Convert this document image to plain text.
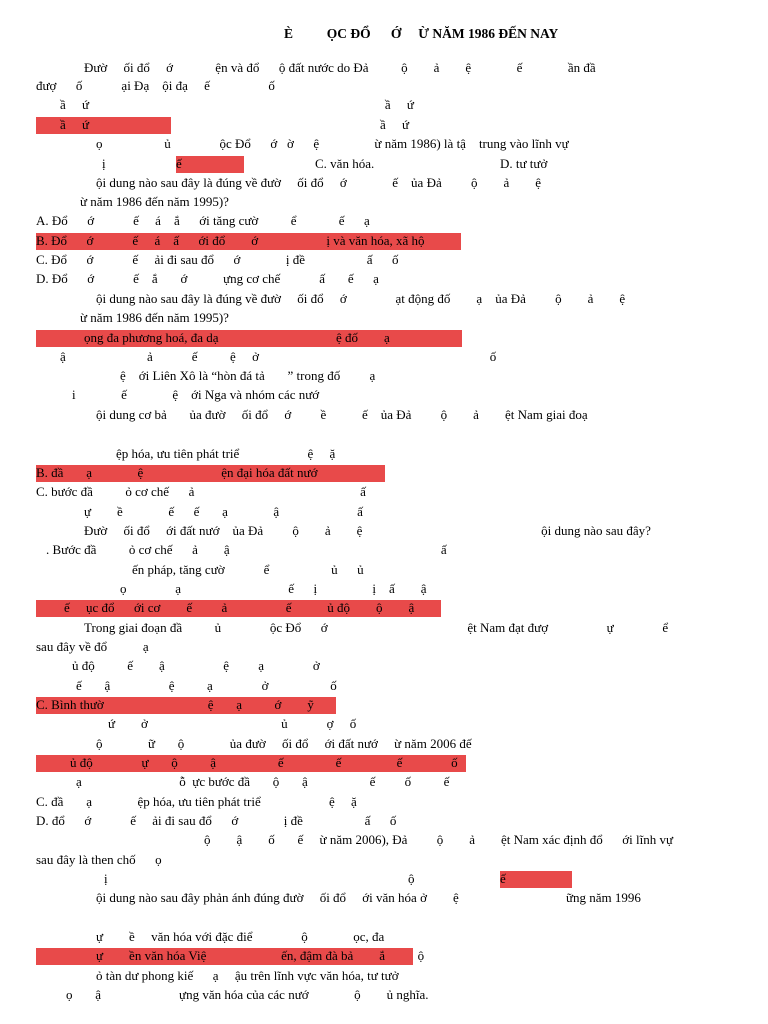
È          ỌC ĐỔ      Ớ     Ừ NĂM 1986 ĐẾN NAY
Đườ     ối đổ     ớ             ện và đổ      ộ đất nước do Đả          ộ        ả        ệ              ế              ần đầ
đượ      ố            ại Đạ    ội đạ     ế                  ố
ầ     ứ                                                                                           ầ     ứ
ầ     ứ	ầ     ứ
ọ                   ủ               ộc Đổ      ớ   ờ      ệ                 ừ năm 1986) là tậ    trung vào lĩnh vự
ị	ế	C. văn hóa.	D. tư tưở
ội dung nào sau đây là đúng về đườ     ối đổ     ớ              ế    ủa Đả         ộ        ả        ệ
ừ năm 1986 đến năm 1995)?
A. Đổ      ớ            ế     á    ắ      ới tăng cườ          ể             ế      ạ
B. Đổ      ớ            ế     á    ấ      ới đổ        ớ                     ị và văn hóa, xã hộ
C. Đổ      ớ            ế     ải đi sau đổ      ớ              ị đề                   ấ      ố
D. Đổ      ớ            ế    ắ       ớ           ựng cơ chế            ấ       ế      ạ
ội dung nào sau đây là đúng về đườ     ối đổ     ớ               ạt động đố        ạ    ủa Đả         ộ        ả        ệ
ừ năm 1986 đến năm 1995)?
ọng đa phương hoá, đa dạ	ệ đố        ạ
ậ                         ả            ế          ệ     ở                                                                       ố
ệ    ới Liên Xô là “hòn đá tả       ” trong đố         ạ
i              ế              ệ    ới Nga và nhóm các nướ
ội dung cơ bả       ủa đườ     ối đổ     ớ         ề           ế    ủa Đả         ộ        ả        ệt Nam giai đoạ
ệp hóa, ưu tiên phát triể                     ệ     ặ
B. đầ       ạ              ệ                        ện đại hóa đất nướ
C. bước đầ          ỏ cơ chế      ả                                                   ấ
ự        ề              ế      ế       ạ              ậ                        ấ
Đườ     ối đổ     ới đất nướ    ủa Đả         ộ        ả        ệ                                                       ội dung nào sau đây?
. Bước đầ          ỏ cơ chế      ả        ậ                                                                 ấ
ến pháp, tăng cườ            ể                   ủ      ủ
ọ               ạ                                 ế      ị                 ị    ấ        ậ
ế     ục đổ      ới cơ        ế         ả                  ế           ủ độ        ộ        ậ
Trong giai đoạn đầ          ủ               ộc Đổ      ớ                                           ệt Nam đạt đượ                  ự               ể
sau đây về đổ           ạ
ủ độ          ế        ậ                  ệ         ạ               ở
ế       ậ                  ệ          ạ               ở                   ố
C. Bình thườ                                ệ       ạ          ớ        ỹ
ứ        ở                                         ủ            ợ     ố
ộ              ữ       ộ              ủa đườ     ối đổ     ới đất nướ     ừ năm 2006 đế
ủ độ               ự       ộ          ậ                   ế                ế                 ế               ố
ạ                              ỗ  ực bước đầ       ộ       ậ                   ế         ố          ế
C. đầ       ạ              ệp hóa, ưu tiên phát triể                     ệ     ặ
D. đổ      ớ            ế     ải đi sau đổ      ớ              ị đề                   ấ      ố
ộ        ậ        ố       ế     ừ năm 2006), Đả         ộ        ả        ệt Nam xác định đổ      ới lĩnh vự
sau đây là then chố      ọ
ị	ộ	ế
ội dung nào sau đây phản ánh đúng đườ     ối đổ     ới văn hóa ở        ệ                                 ững năm 1996
ự        ề     văn hóa với đặc điể               ộ              ọc, đa
ự        ền văn hóa Việ                       ến, đậm đà bả        ắ          ộ
ỏ tàn dư phong kiế      ạ     ậu trên lĩnh vực văn hóa, tư tưở
ọ       ậ                        ựng văn hóa của các nướ              ộ        ủ nghĩa.
